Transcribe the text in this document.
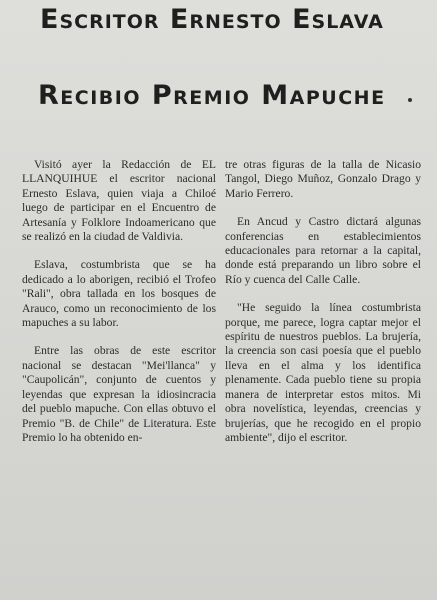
Escritor Ernesto Eslava
Recibio Premio Mapuche

Visitó ayer la Redacción de EL LLANQUIHUE el escritor nacional Ernesto Eslava, quien viaja a Chiloé luego de participar en el Encuentro de Artesanía y Folklore Indoamericano que se realizó en la ciudad de Valdivia.

Eslava, costumbrista que se ha dedicado a lo aborigen, recibió el Trofeo "Rali", obra tallada en los bosques de Arauco, como un reconocimiento de los mapuches a su labor.

Entre las obras de este escritor nacional se destacan "Mei'llanca" y "Caupolicán", conjunto de cuentos y leyendas que expresan la idiosincracia del pueblo mapuche. Con ellas obtuvo el Premio "B. de Chile" de Literatura. Este Premio lo ha obtenido en-

tre otras figuras de la talla de Nicasio Tangol, Diego Muñoz, Gonzalo Drago y Mario Ferrero.

En Ancud y Castro dictará algunas conferencias en establecimientos educacionales para retornar a la capital, donde está preparando un libro sobre el Río y cuenca del Calle Calle.

"He seguido la línea costumbrista porque, me parece, logra captar mejor el espíritu de nuestros pueblos. La brujería, la creencia son casi poesía que el pueblo lleva en el alma y los identifica plenamente. Cada pueblo tiene su propia manera de interpretar estos mitos. Mi obra novelística, leyendas, creencias y brujerías, que he recogido en el propio ambiente", dijo el escritor.
